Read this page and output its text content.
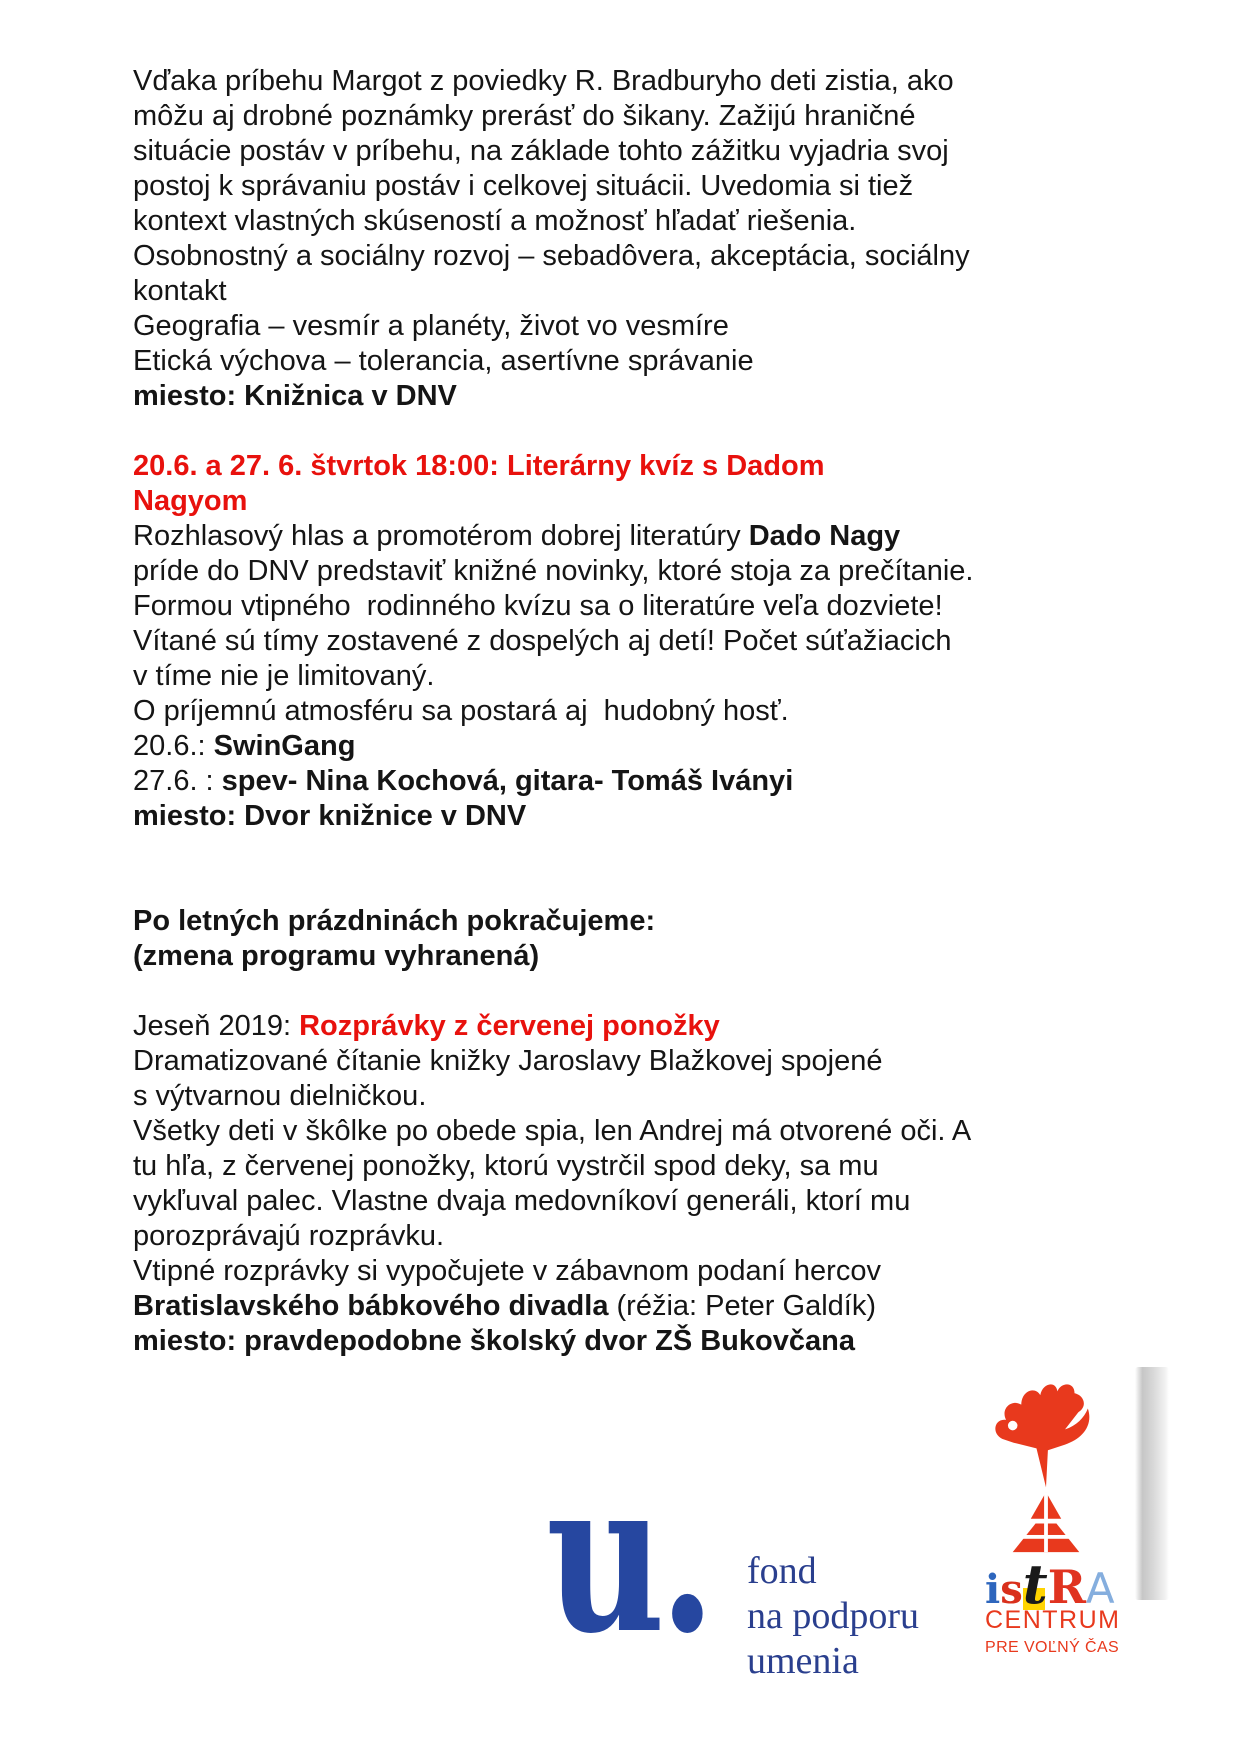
Vďaka príbehu Margot z poviedky R. Bradburyho deti zistia, ako

môžu aj drobné poznámky prerásť do šikany. Zažijú hraničné

situácie postáv v príbehu, na základe tohto zážitku vyjadria svoj

postoj k správaniu postáv i celkovej situácii. Uvedomia si tiež

kontext vlastných skúseností a možnosť hľadať riešenia.

Osobnostný a sociálny rozvoj – sebadôvera, akceptácia, sociálny

kontakt

Geografia – vesmír a planéty, život vo vesmíre

Etická výchova – tolerancia, asertívne správanie

miesto: Knižnica v DNV

20.6. a 27. 6. štvrtok 18:00: Literárny kvíz s Dadom
Nagyom

Rozhlasový hlas a promotérom dobrej literatúry Dado Nagy

príde do DNV predstaviť knižné novinky, ktoré stoja za prečítanie.

Formou vtipného  rodinného kvízu sa o literatúre veľa dozviete!

Vítané sú tímy zostavené z dospelých aj detí! Počet súťažiacich

v tíme nie je limitovaný.

O príjemnú atmosféru sa postará aj  hudobný hosť.

20.6.: SwinGang

27.6. : spev- Nina Kochová, gitara- Tomáš Iványi

miesto: Dvor knižnice v DNV

Po letných prázdninách pokračujeme:

(zmena programu vyhranená)

Jeseň 2019: Rozprávky z červenej ponožky

Dramatizované čítanie knižky Jaroslavy Blažkovej spojené

s výtvarnou dielničkou.

Všetky deti v škôlke po obede spia, len Andrej má otvorené oči. A

tu hľa, z červenej ponožky, ktorú vystrčil spod deky, sa mu

vykľuval palec. Vlastne dvaja medovníkoví generáli, ktorí mu

porozprávajú rozprávku.

Vtipné rozprávky si vypočujete v zábavnom podaní hercov

Bratislavského bábkového divadla (réžia: Peter Galdík)

miesto: pravdepodobne školský dvor ZŠ Bukovčana

u. fond
na podporu
umenia
istRA
CENTRUM
PRE VOĽNÝ ČAS
